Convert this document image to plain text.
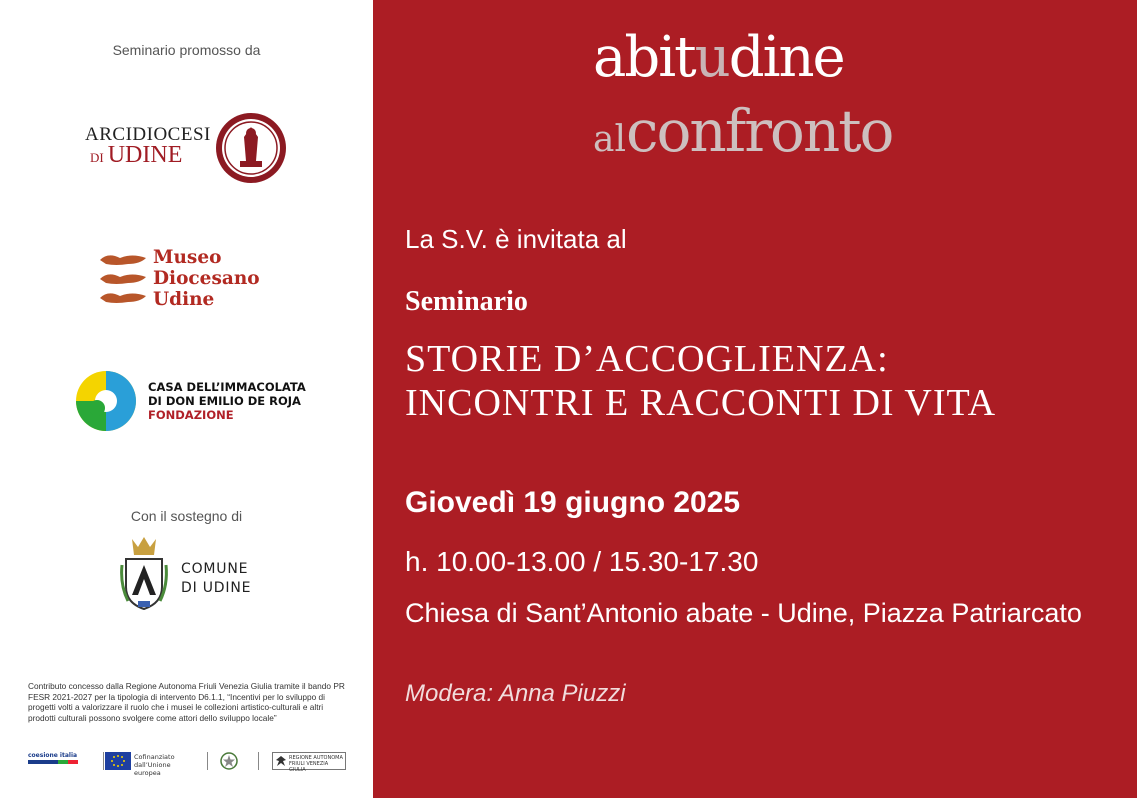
Seminario promosso da
ARCIDIOCESI
DI UDINE
Museo
Diocesano
Udine
CASA DELL’IMMACOLATA
DI DON EMILIO DE ROJA
FONDAZIONE
Con il sostegno di
COMUNE
DI UDINE
Contributo concesso dalla Regione Autonoma Friuli Venezia Giulia tramite il bando PR FESR 2021-2027 per la tipologia di intervento D6.1.1, “Incentivi per lo sviluppo di progetti volti a valorizzare il ruolo che i musei le collezioni artistico-culturali e altri prodotti culturali possono svolgere come attori dello sviluppo locale”
coesione italia	Cofinanziato dall’Unione europea
REGIONE AUTONOMA FRIULI VENEZIA GIULIA
abitudine
alconfronto
La S.V. è invitata al
Seminario
STORIE D’ACCOGLIENZA:
INCONTRI E RACCONTI DI VITA
Giovedì 19 giugno 2025
h. 10.00-13.00 / 15.30-17.30
Chiesa di Sant’Antonio abate - Udine, Piazza Patriarcato
Modera: Anna Piuzzi
